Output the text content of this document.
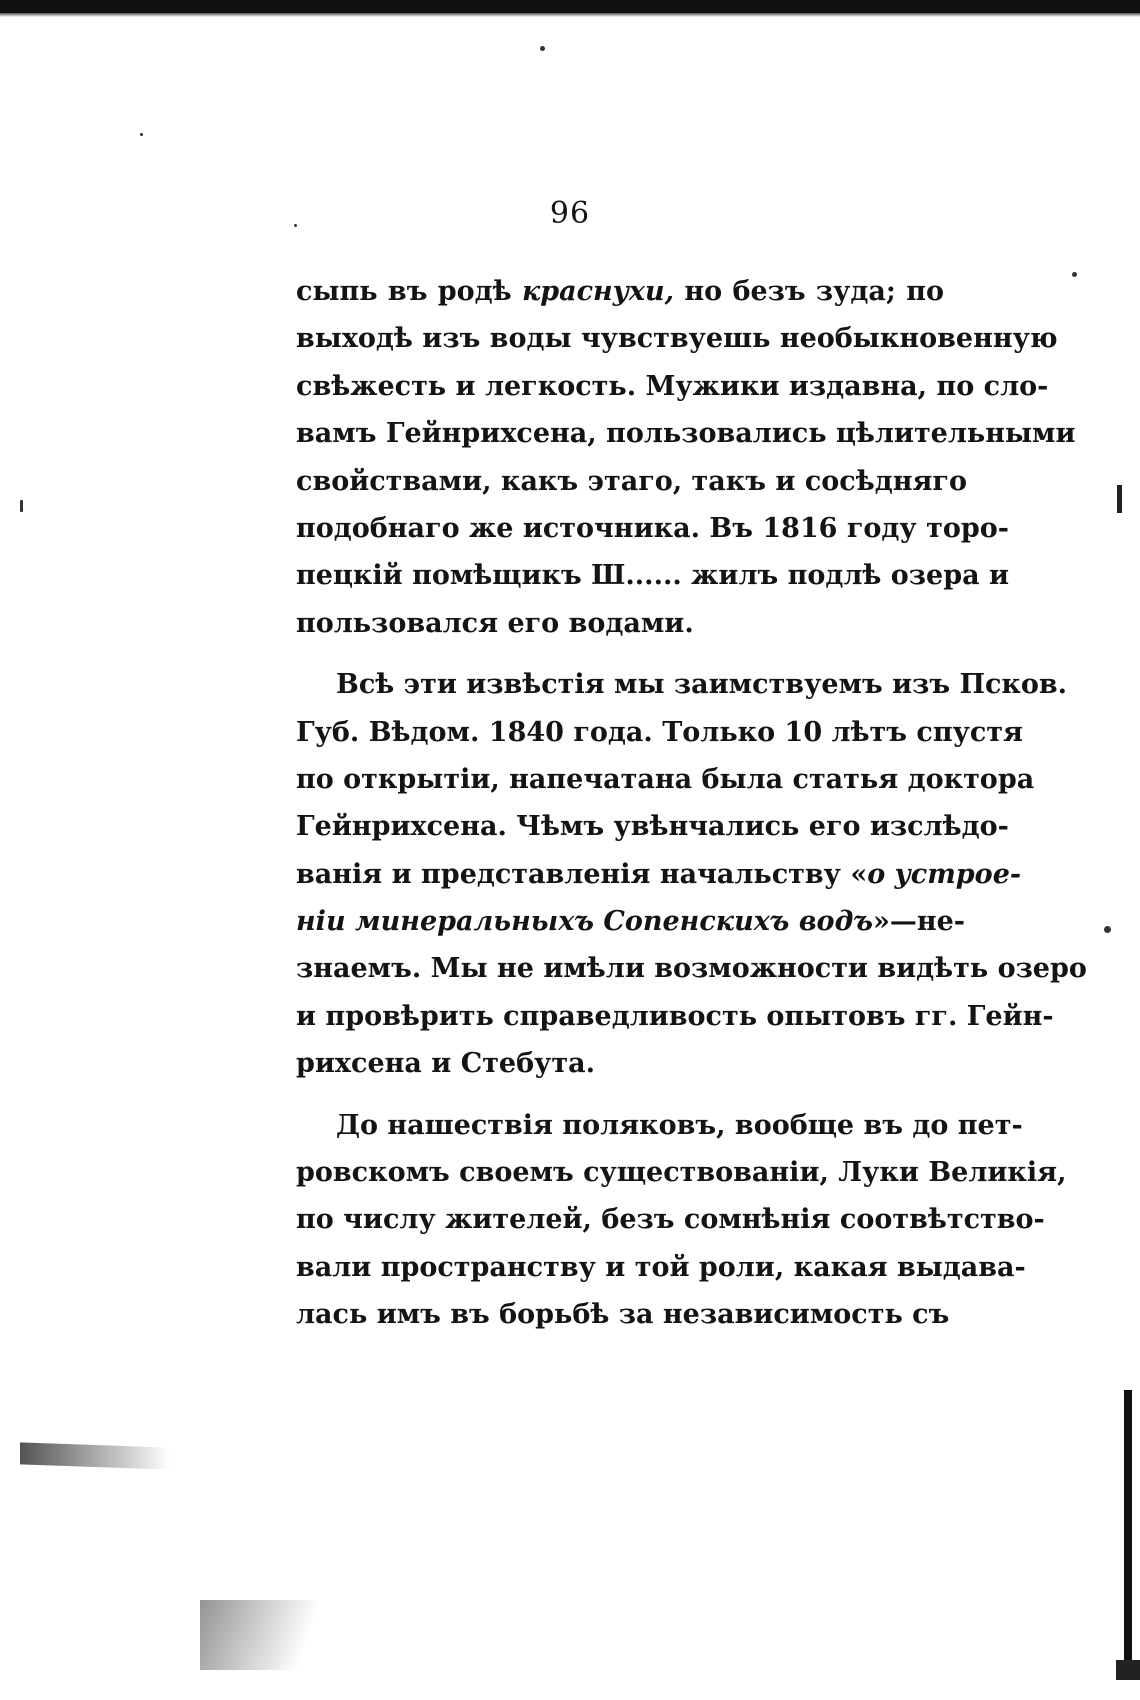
96
сыпь въ родѣ краснухи, но безъ зуда; по
выходѣ изъ воды чувствуешь необыкновенную
свѣжесть и легкость. Мужики издавна, по сло-
вамъ Гейнрихсена, пользовались цѣлительными
свойствами, какъ этаго, такъ и сосѣдняго
подобнаго же источника. Въ 1816 году торо-
пецкій помѣщикъ Ш...... жилъ подлѣ озера и
пользовался его водами.
Всѣ эти извѣстія мы заимствуемъ изъ Псков.
Губ. Вѣдом. 1840 года. Только 10 лѣтъ спустя
по открытіи, напечатана была статья доктора
Гейнрихсена. Чѣмъ увѣнчались его изслѣдо-
ванія и представленія начальству «о устрое-
ніи минеральныхъ Сопенскихъ водъ»—не-
знаемъ. Мы не имѣли возможности видѣть озеро
и провѣрить справедливость опытовъ гг. Гейн-
рихсена и Стебута.
До нашествія поляковъ, вообще въ до пет-
ровскомъ своемъ существованіи, Луки Великія,
по числу жителей, безъ сомнѣнія соотвѣтство-
вали пространству и той роли, какая выдава-
лась имъ въ борьбѣ за независимость съ
